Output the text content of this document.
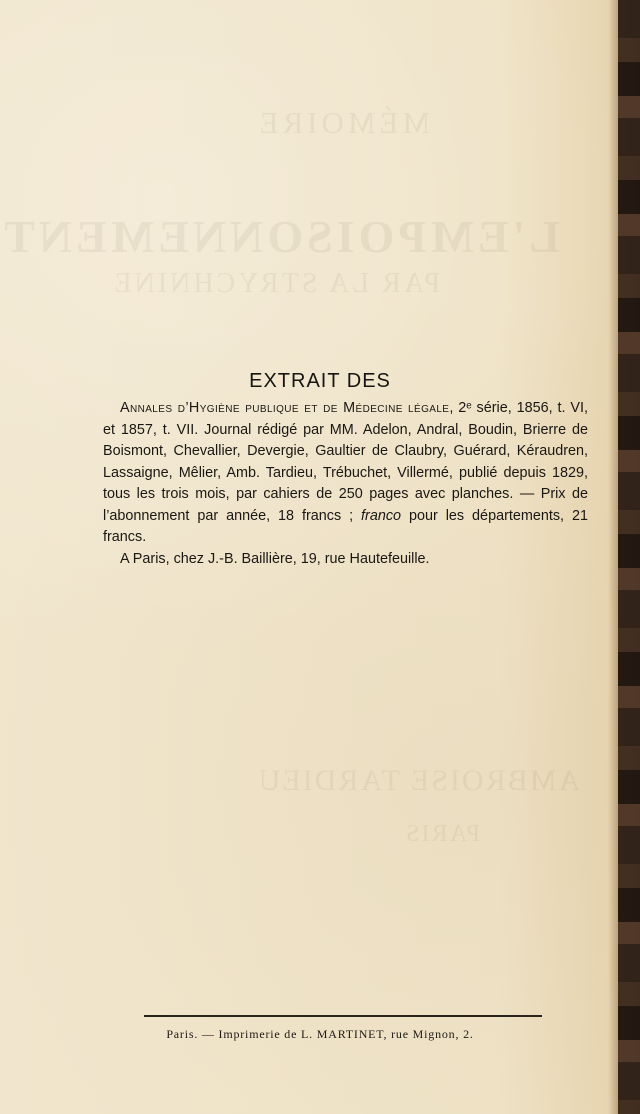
MÉMOIRE
L'EMPOISONNEMENT
PAR LA STRYCHNINE
AMBROISE TARDIEU
PARIS
EXTRAIT DES

Annales d’Hygiène publique et de Médecine légale, 2ᵉ série, 1856, t. VI, et 1857, t. VII. Journal rédigé par MM. Adelon, Andral, Boudin, Brierre de Boismont, Chevallier, Devergie, Gaultier de Claubry, Guérard, Kéraudren, Lassaigne, Mêlier, Amb. Tardieu, Trébuchet, Villermé, publié depuis 1829, tous les trois mois, par cahiers de 250 pages avec planches. — Prix de l’abonnement par année, 18 francs ; franco pour les départements, 21 francs.

A Paris, chez J.-B. Baillière, 19, rue Hautefeuille.

Paris. — Imprimerie de L. MARTINET, rue Mignon, 2.
